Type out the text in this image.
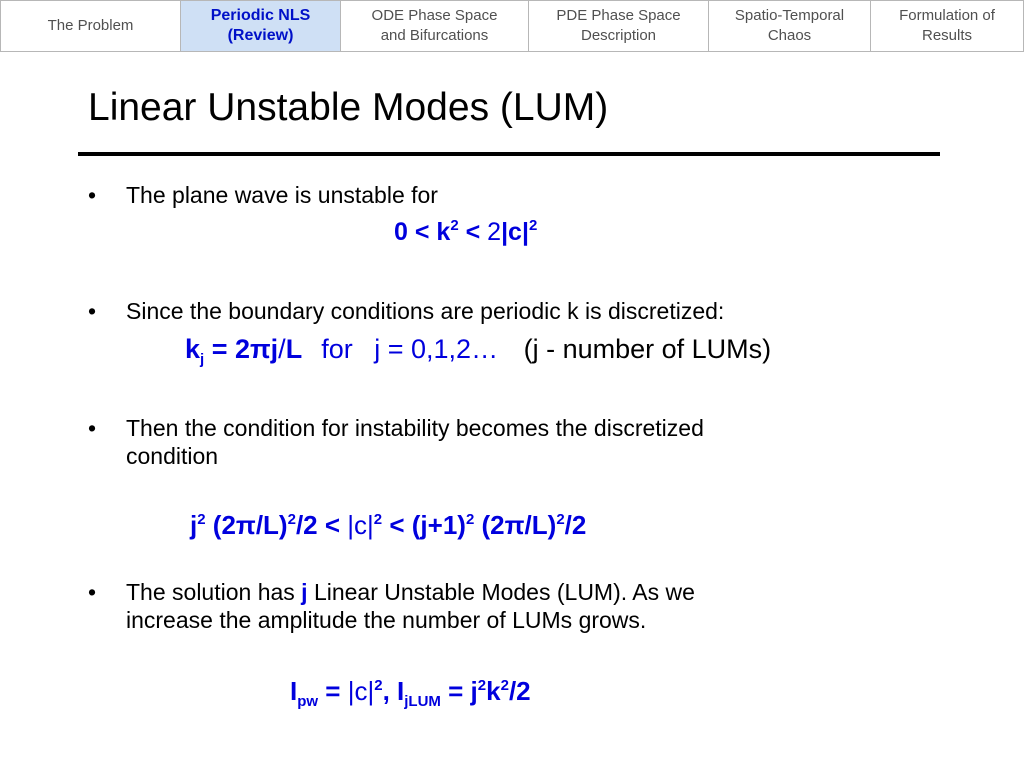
The Problem
Periodic NLS
(Review)
ODE Phase Space
and Bifurcations
PDE Phase Space
Description
Spatio-Temporal
Chaos
Formulation of
Results
Linear Unstable Modes (LUM)
• The plane wave is unstable for
$0 < k^2 < 2|c|^2$
• Since the boundary conditions are periodic k is discretized:
$k_j = 2\pi j/L$ for j = 0,1,2… (j - number of LUMs)
• Then the condition for instability becomes the discretized
condition
$j^2$ $(2\pi/L)^2/2 < |c|^2 < (j+1)^2$ $(2\pi/L)^2/2$
• The solution has j Linear Unstable Modes (LUM). As we
increase the amplitude the number of LUMs grows.
$I_{pw} = |c|^2$, $I_{jLUM} = j^2k^2/2$
